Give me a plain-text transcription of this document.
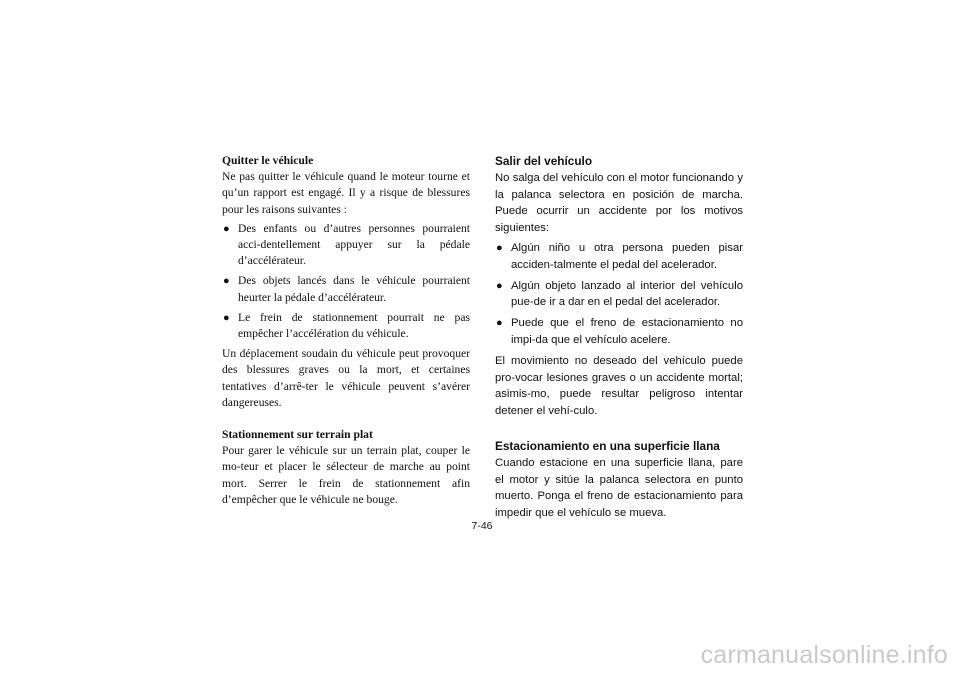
Quitter le véhicule

Ne pas quitter le véhicule quand le moteur tourne et qu’un rapport est engagé. Il y a risque de blessures pour les raisons suivantes :

● Des enfants ou d’autres personnes pourraient acci-dentellement appuyer sur la pédale d’accélérateur.
● Des objets lancés dans le véhicule pourraient heurter la pédale d’accélérateur.
● Le frein de stationnement pourrait ne pas empêcher l’accélération du véhicule.

Un déplacement soudain du véhicule peut provoquer des blessures graves ou la mort, et certaines tentatives d’arrê-ter le véhicule peuvent s’avérer dangereuses.

Stationnement sur terrain plat

Pour garer le véhicule sur un terrain plat, couper le mo-teur et placer le sélecteur de marche au point mort. Serrer le frein de stationnement afin d’empêcher que le véhicule ne bouge.

Salir del vehículo

No salga del vehículo con el motor funcionando y la palanca selectora en posición de marcha. Puede ocurrir un accidente por los motivos siguientes:

● Algún niño u otra persona pueden pisar acciden-talmente el pedal del acelerador.
● Algún objeto lanzado al interior del vehículo pue-de ir a dar en el pedal del acelerador.
● Puede que el freno de estacionamiento no impi-da que el vehículo acelere.

El movimiento no deseado del vehículo puede pro-vocar lesiones graves o un accidente mortal; asimis-mo, puede resultar peligroso intentar detener el vehí-culo.

Estacionamiento en una superficie llana

Cuando estacione en una superficie llana, pare el motor y sitúe la palanca selectora en punto muerto. Ponga el freno de estacionamiento para impedir que el vehículo se mueva.

7-46
carmanualsonline.info
